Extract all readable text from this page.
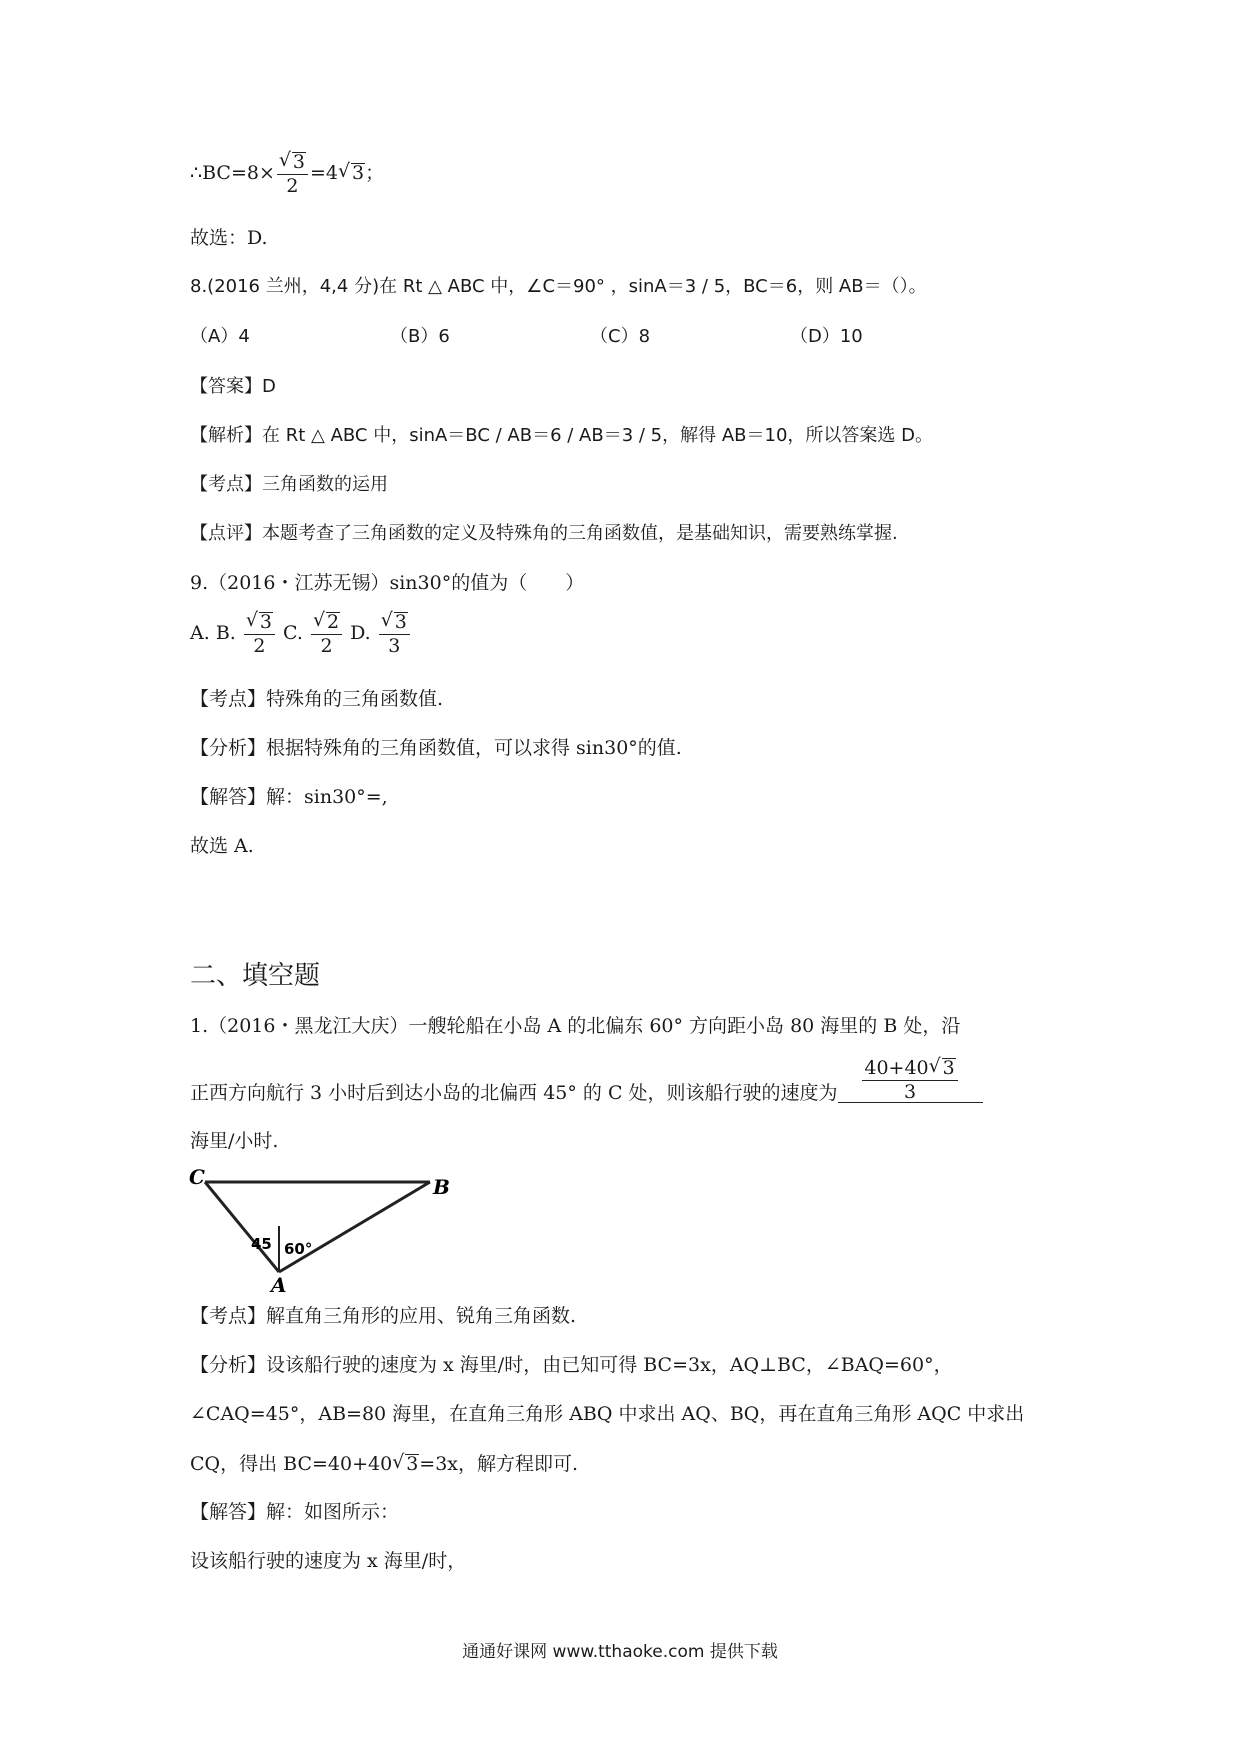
∴BC=8×
√ $\frac{3}{2} =4√$ 3；
故选：D.
8.(2016 兰州，4,4 分)在 Rt △ ABC 中，∠C＝90° ，sinA＝3 / 5，BC＝6，则 AB＝（）。
（A）4	（B）6	（C）8	（D）10
【答案】D
【解析】在 Rt △ ABC 中，sinA＝BC / AB＝6 / AB＝3 / 5，解得 AB＝10，所以答案选 D。
【考点】三角函数的运用
【点评】本题考查了三角函数的定义及特殊角的三角函数值，是基础知识，需要熟练掌握.
9.（2016・江苏无锡）sin30°的值为（　　）
A. B.
√ $\frac{3}{2} C$.
√ $\frac{2}{2} D$.
√ $\frac{3}{3}$
【考点】特殊角的三角函数值.
【分析】根据特殊角的三角函数值，可以求得 sin30°的值.
【解答】解：sin30°=,
故选 A.
二、填空题
1.（2016・黑龙江大庆）一艘轮船在小岛 A 的北偏东 60° 方向距小岛 80 海里的 B 处，沿
正西方向航行 3 小时后到达小岛的北偏西 45° 的 C 处，则该船行驶的速度为 $\frac{40+40√ 3}{3}$
海里/小时.
C	B
A
45 60°
【考点】解直角三角形的应用、锐角三角函数.
【分析】设该船行驶的速度为 x 海里/时，由已知可得 BC=3x，AQ⊥BC，∠BAQ=60°，
∠CAQ=45°，AB=80 海里，在直角三角形 ABQ 中求出 AQ、BQ，再在直角三角形 AQC 中求出
CQ，得出 BC=40+40√ 3=3x，解方程即可.
【解答】解：如图所示：
设该船行驶的速度为 x 海里/时，
通通好课网 www.tthaoke.com 提供下载
